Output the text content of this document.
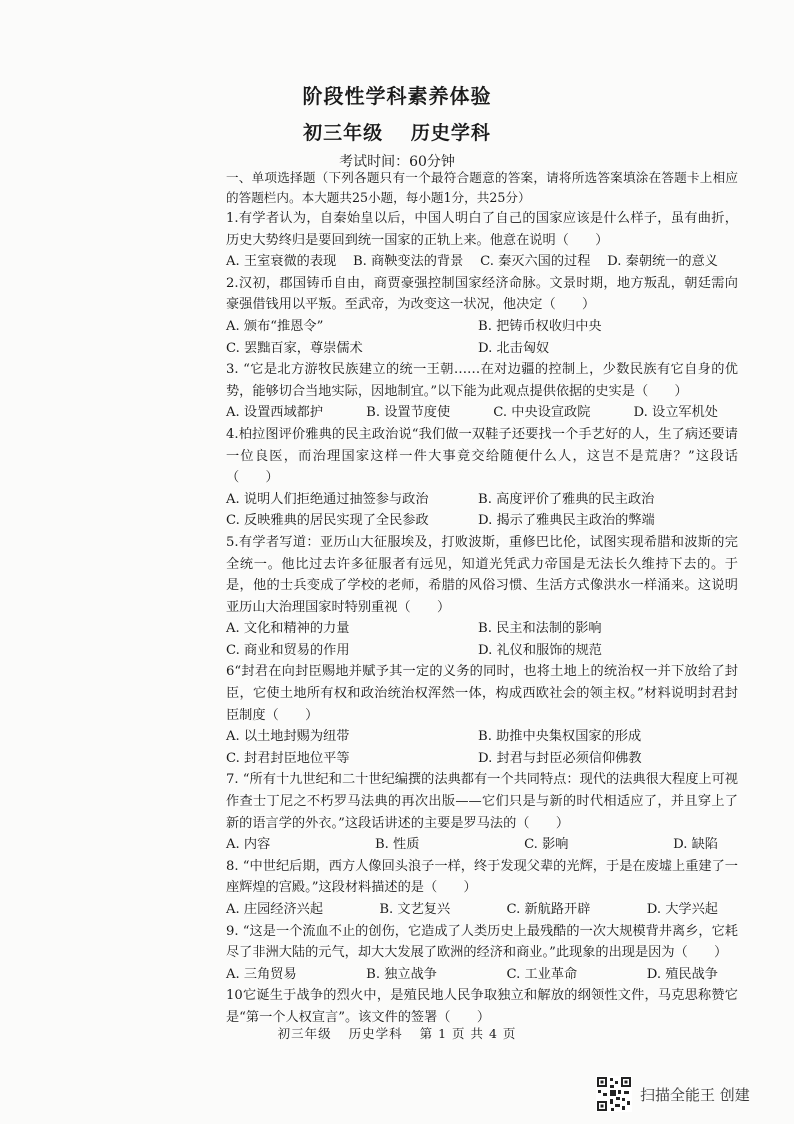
阶段性学科素养体验
初三年级 历史学科
考试时间：60分钟
一、单项选择题（下列各题只有一个最符合题意的答案，请将所选答案填涂在答题卡上相应的答题栏内。本大题共25小题，每小题1分，共25分）
1.有学者认为，自秦始皇以后，中国人明白了自己的国家应该是什么样子，虽有曲折，历史大势终归是要回到统一国家的正轨上来。他意在说明（　　）
A. 王室衰微的表现 B. 商鞅变法的背景 C. 秦灭六国的过程 D. 秦朝统一的意义
2.汉初，郡国铸币自由，商贾豪强控制国家经济命脉。文景时期，地方叛乱，朝廷需向豪强借钱用以平叛。至武帝，为改变这一状况，他决定（　　）
A. 颁布“推恩令”	B. 把铸币权收归中央
C. 罢黜百家，尊崇儒术	D. 北击匈奴
3. “它是北方游牧民族建立的统一王朝……在对边疆的控制上，少数民族有它自身的优势，能够切合当地实际，因地制宜。”以下能为此观点提供依据的史实是（　　）
A. 设置西域都护	B. 设置节度使	C. 中央设宣政院	D. 设立军机处
4.柏拉图评价雅典的民主政治说“我们做一双鞋子还要找一个手艺好的人，生了病还要请一位良医，而治理国家这样一件大事竟交给随便什么人，这岂不是荒唐？”这段话（　　）
A. 说明人们拒绝通过抽签参与政治	B. 高度评价了雅典的民主政治
C. 反映雅典的居民实现了全民参政	D. 揭示了雅典民主政治的弊端
5.有学者写道：亚历山大征服埃及，打败波斯，重修巴比伦，试图实现希腊和波斯的完全统一。他比过去许多征服者有远见，知道光凭武力帝国是无法长久维持下去的。于是，他的士兵变成了学校的老师，希腊的风俗习惯、生活方式像洪水一样涌来。这说明亚历山大治理国家时特别重视（　　）
A. 文化和精神的力量	B. 民主和法制的影响
C. 商业和贸易的作用	D. 礼仪和服饰的规范
6“封君在向封臣赐地并赋予其一定的义务的同时，也将土地上的统治权一并下放给了封臣，它使土地所有权和政治统治权浑然一体，构成西欧社会的领主权。”材料说明封君封臣制度（　　）
A. 以土地封赐为纽带	B. 助推中央集权国家的形成
C. 封君封臣地位平等	D. 封君与封臣必须信仰佛教
7. “所有十九世纪和二十世纪编撰的法典都有一个共同特点：现代的法典很大程度上可视作查士丁尼之不朽罗马法典的再次出版——它们只是与新的时代相适应了，并且穿上了新的语言学的外衣。”这段话讲述的主要是罗马法的（　　）
A. 内容	B. 性质	C. 影响	D. 缺陷
8. “中世纪后期，西方人像回头浪子一样，终于发现父辈的光辉，于是在废墟上重建了一座辉煌的宫殿。”这段材料描述的是（　　）
A. 庄园经济兴起	B. 文艺复兴	C. 新航路开辟	D. 大学兴起
9. “这是一个流血不止的创伤，它造成了人类历史上最残酷的一次大规模背井离乡，它耗尽了非洲大陆的元气，却大大发展了欧洲的经济和商业。”此现象的出现是因为（　　）
A. 三角贸易	B. 独立战争	C. 工业革命	D. 殖民战争
10它诞生于战争的烈火中，是殖民地人民争取独立和解放的纲领性文件，马克思称赞它是“第一个人权宣言”。该文件的签署（　　）
初三年级 历史学科 第 1 页 共 4 页
扫描全能王 创建
